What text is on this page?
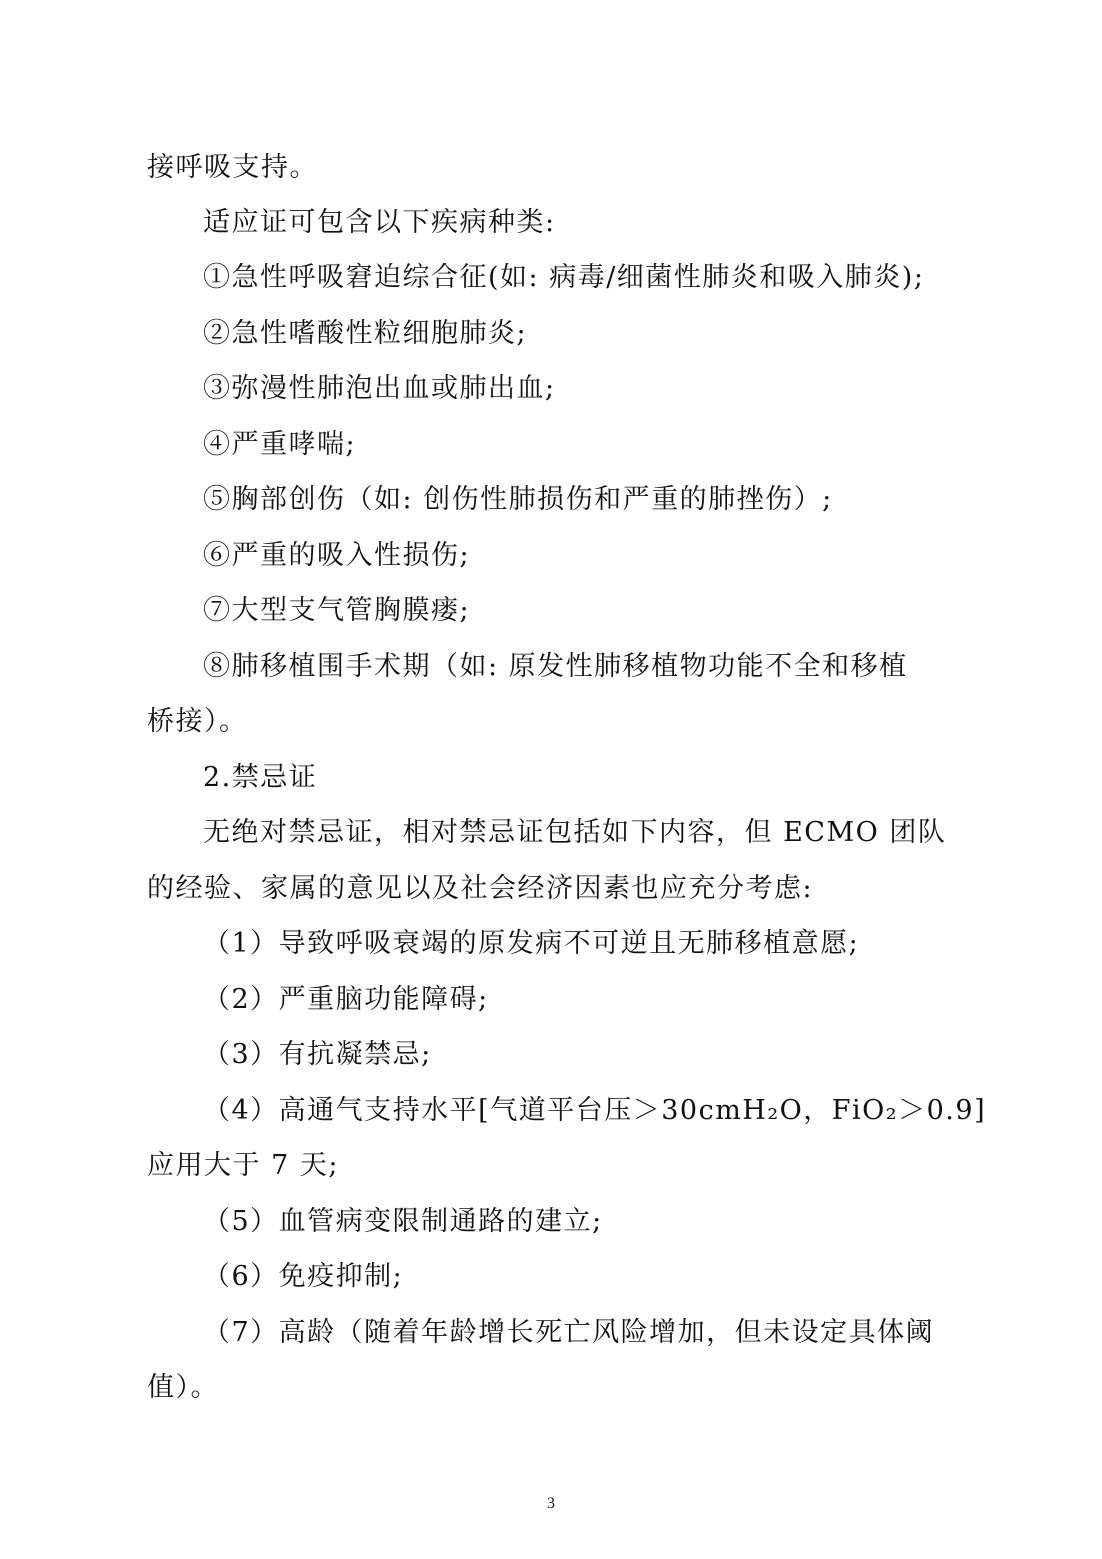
接呼吸支持。
适应证可包含以下疾病种类:
①急性呼吸窘迫综合征(如: 病毒/细菌性肺炎和吸入肺炎);
②急性嗜酸性粒细胞肺炎;
③弥漫性肺泡出血或肺出血;
④严重哮喘;
⑤胸部创伤（如: 创伤性肺损伤和严重的肺挫伤）;
⑥严重的吸入性损伤;
⑦大型支气管胸膜瘘;
⑧肺移植围手术期（如: 原发性肺移植物功能不全和移植
桥接）。
2.禁忌证
无绝对禁忌证，相对禁忌证包括如下内容，但 ECMO 团队
的经验、家属的意见以及社会经济因素也应充分考虑:
（1）导致呼吸衰竭的原发病不可逆且无肺移植意愿;
（2）严重脑功能障碍;
（3）有抗凝禁忌;
（4）高通气支持水平[气道平台压＞30cmH₂O，FiO₂＞0.9]
应用大于 7 天;
（5）血管病变限制通路的建立;
（6）免疫抑制;
（7）高龄（随着年龄增长死亡风险增加，但未设定具体阈
值）。
3
